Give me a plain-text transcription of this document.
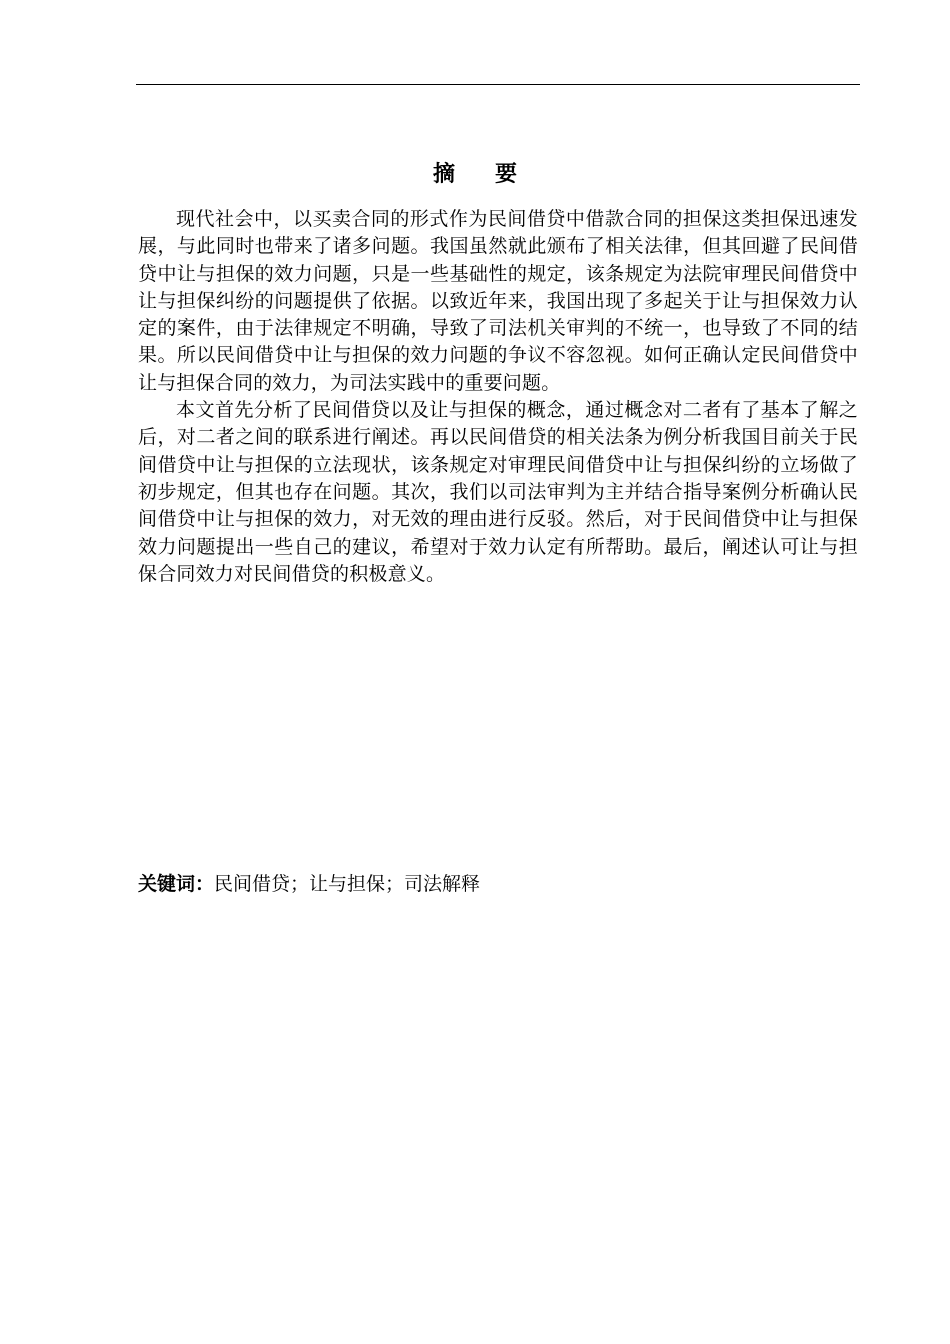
摘要

现代社会中，以买卖合同的形式作为民间借贷中借款合同的担保这类担保迅速发展，与此同时也带来了诸多问题。我国虽然就此颁布了相关法律，但其回避了民间借贷中让与担保的效力问题，只是一些基础性的规定，该条规定为法院审理民间借贷中让与担保纠纷的问题提供了依据。以致近年来，我国出现了多起关于让与担保效力认定的案件，由于法律规定不明确，导致了司法机关审判的不统一，也导致了不同的结果。所以民间借贷中让与担保的效力问题的争议不容忽视。如何正确认定民间借贷中让与担保合同的效力，为司法实践中的重要问题。

本文首先分析了民间借贷以及让与担保的概念，通过概念对二者有了基本了解之后，对二者之间的联系进行阐述。再以民间借贷的相关法条为例分析我国目前关于民间借贷中让与担保的立法现状，该条规定对审理民间借贷中让与担保纠纷的立场做了初步规定，但其也存在问题。其次，我们以司法审判为主并结合指导案例分析确认民间借贷中让与担保的效力，对无效的理由进行反驳。然后，对于民间借贷中让与担保效力问题提出一些自己的建议，希望对于效力认定有所帮助。最后，阐述认可让与担保合同效力对民间借贷的积极意义。

关键词：民间借贷；让与担保；司法解释
